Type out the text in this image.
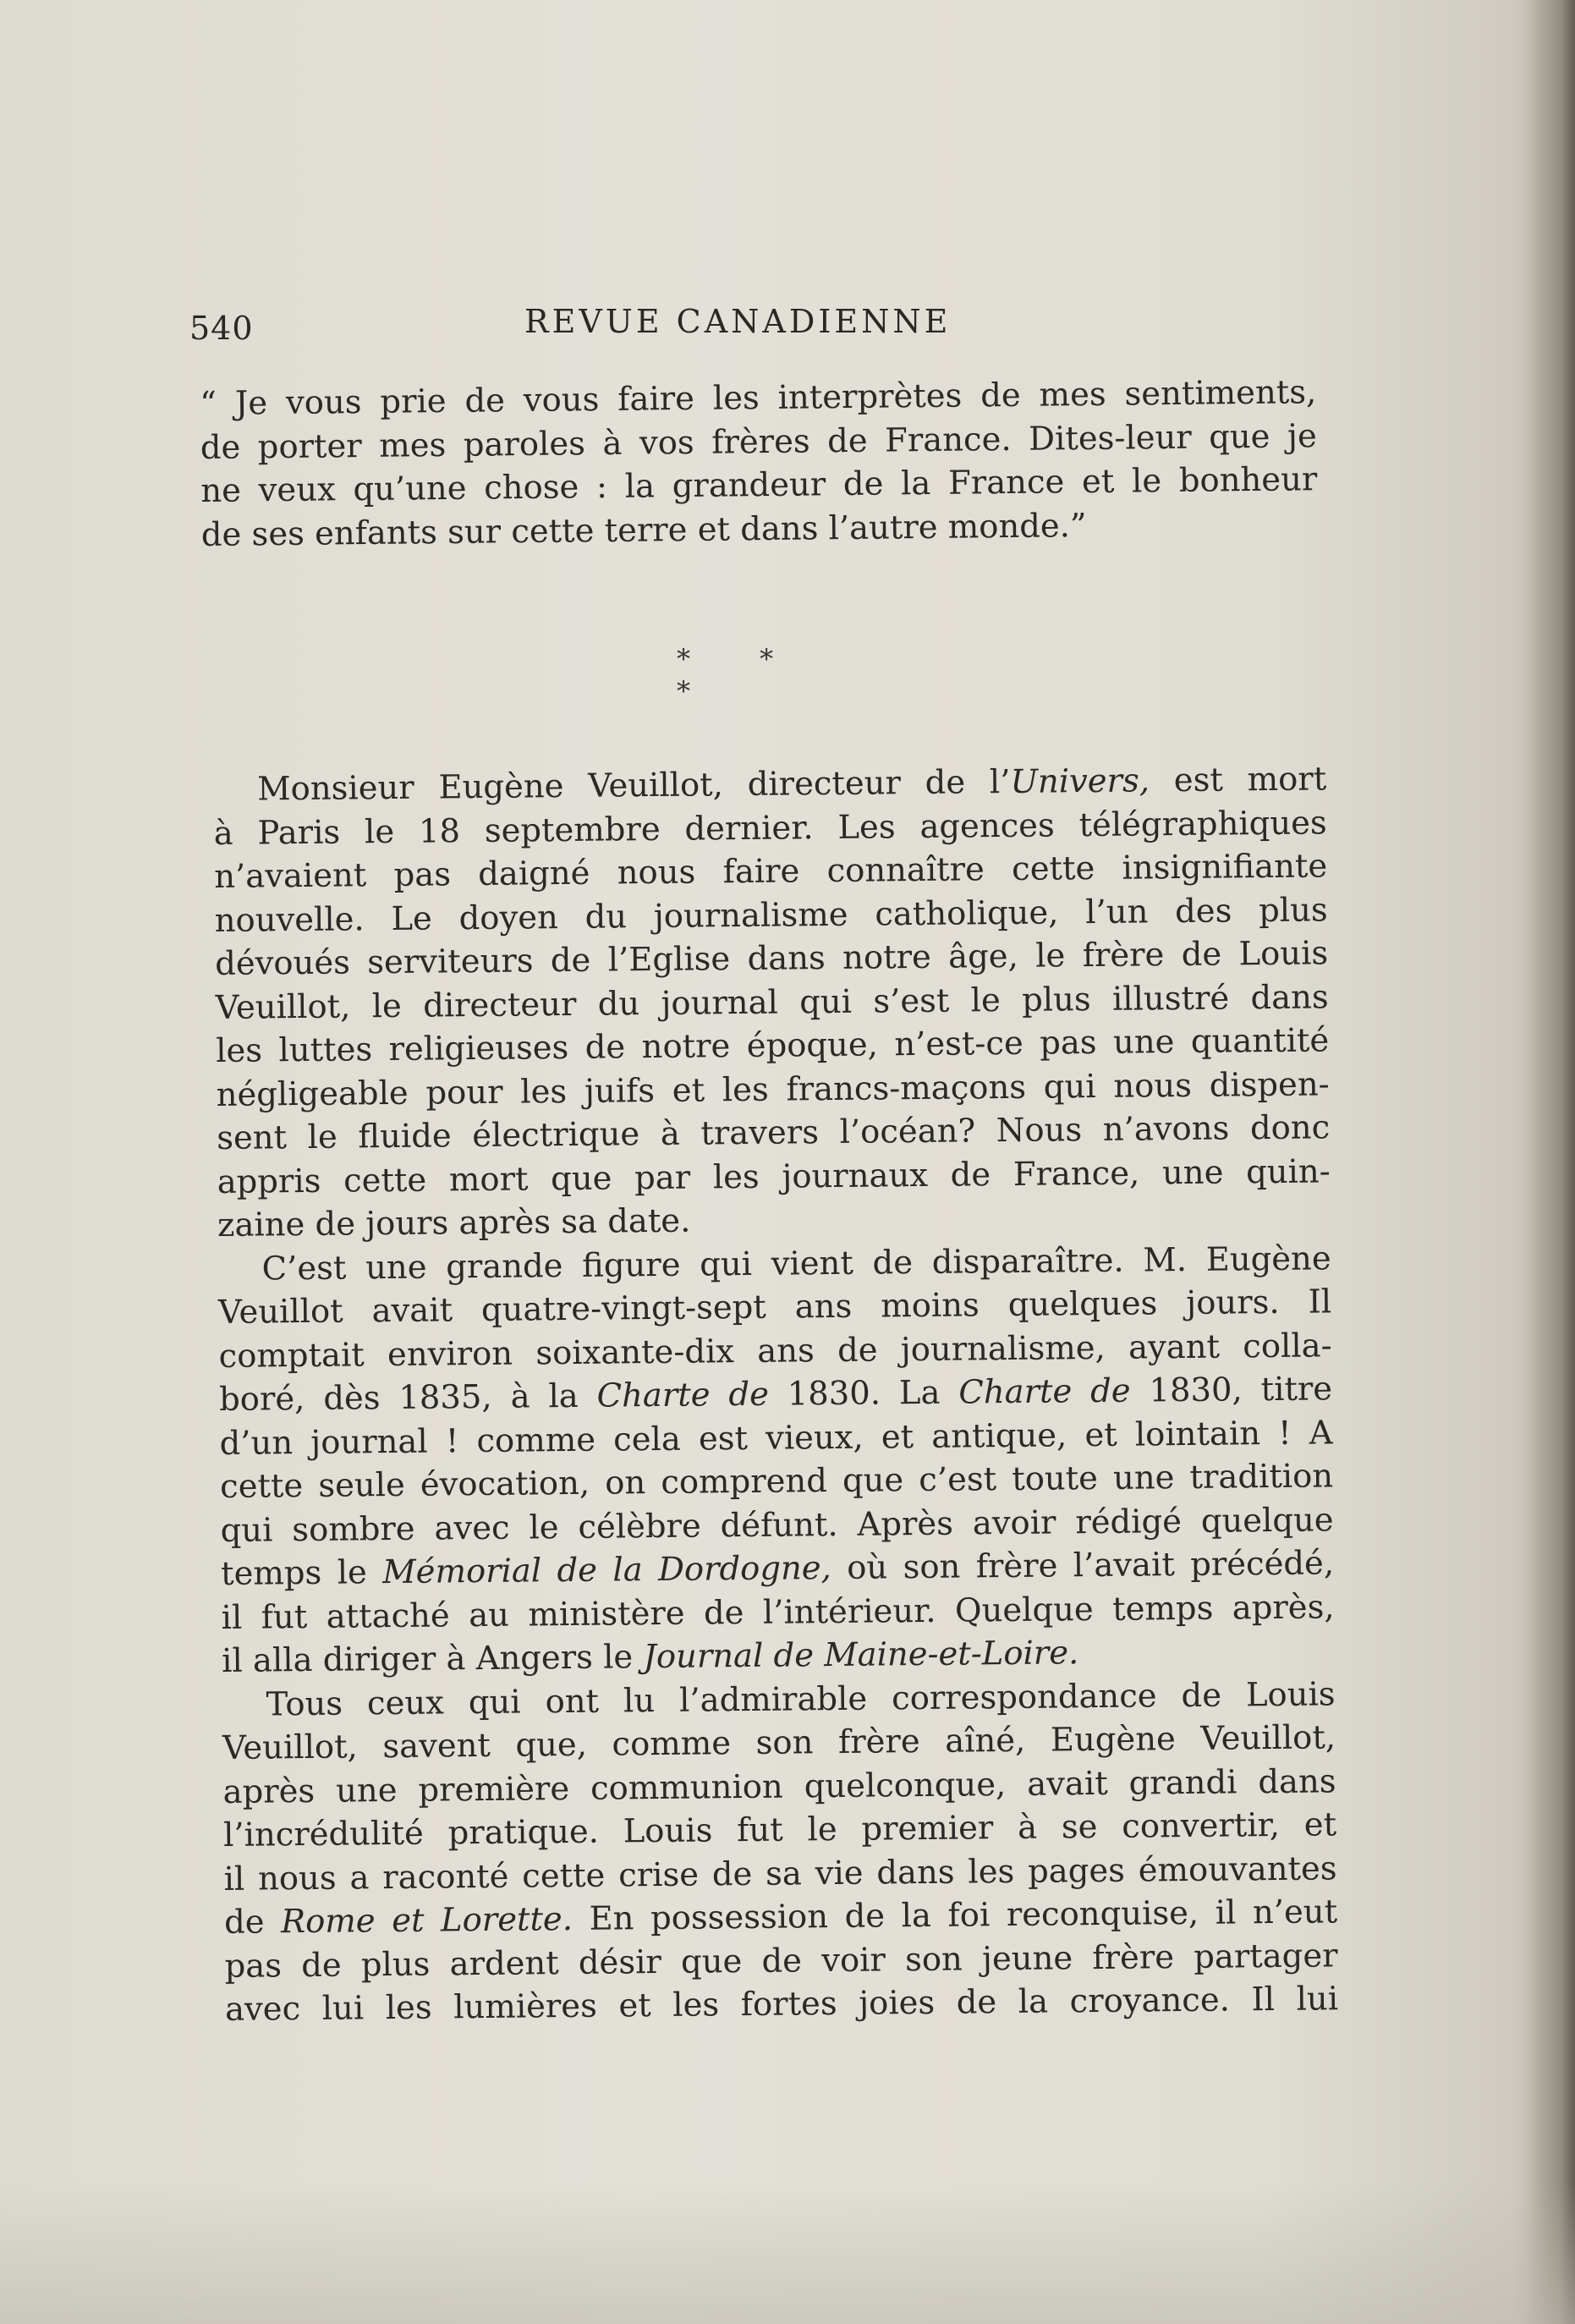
540	REVUE CANADIENNE
“ Je vous prie de vous faire les interprètes de mes sentiments,
de porter mes paroles à vos frères de France. Dites-leur que je
ne veux qu’une chose : la grandeur de la France et le bonheur
de ses enfants sur cette terre et dans l’autre monde.”
* * *
Monsieur Eugène Veuillot, directeur de l’Univers, est mort
à Paris le 18 septembre dernier. Les agences télégraphiques
n’avaient pas daigné nous faire connaître cette insignifiante
nouvelle. Le doyen du journalisme catholique, l’un des plus
dévoués serviteurs de l’Eglise dans notre âge, le frère de Louis
Veuillot, le directeur du journal qui s’est le plus illustré dans
les luttes religieuses de notre époque, n’est-ce pas une quantité
négligeable pour les juifs et les francs-maçons qui nous dispen-
sent le fluide électrique à travers l’océan? Nous n’avons donc
appris cette mort que par les journaux de France, une quin-
zaine de jours après sa date.
C’est une grande figure qui vient de disparaître. M. Eugène
Veuillot avait quatre-vingt-sept ans moins quelques jours. Il
comptait environ soixante-dix ans de journalisme, ayant colla-
boré, dès 1835, à la Charte de 1830. La Charte de 1830, titre
d’un journal ! comme cela est vieux, et antique, et lointain ! A
cette seule évocation, on comprend que c’est toute une tradition
qui sombre avec le célèbre défunt. Après avoir rédigé quelque
temps le Mémorial de la Dordogne, où son frère l’avait précédé,
il fut attaché au ministère de l’intérieur. Quelque temps après,
il alla diriger à Angers le Journal de Maine-et-Loire.
Tous ceux qui ont lu l’admirable correspondance de Louis
Veuillot, savent que, comme son frère aîné, Eugène Veuillot,
après une première communion quelconque, avait grandi dans
l’incrédulité pratique. Louis fut le premier à se convertir, et
il nous a raconté cette crise de sa vie dans les pages émouvantes
de Rome et Lorette. En possession de la foi reconquise, il n’eut
pas de plus ardent désir que de voir son jeune frère partager
avec lui les lumières et les fortes joies de la croyance. Il lui
